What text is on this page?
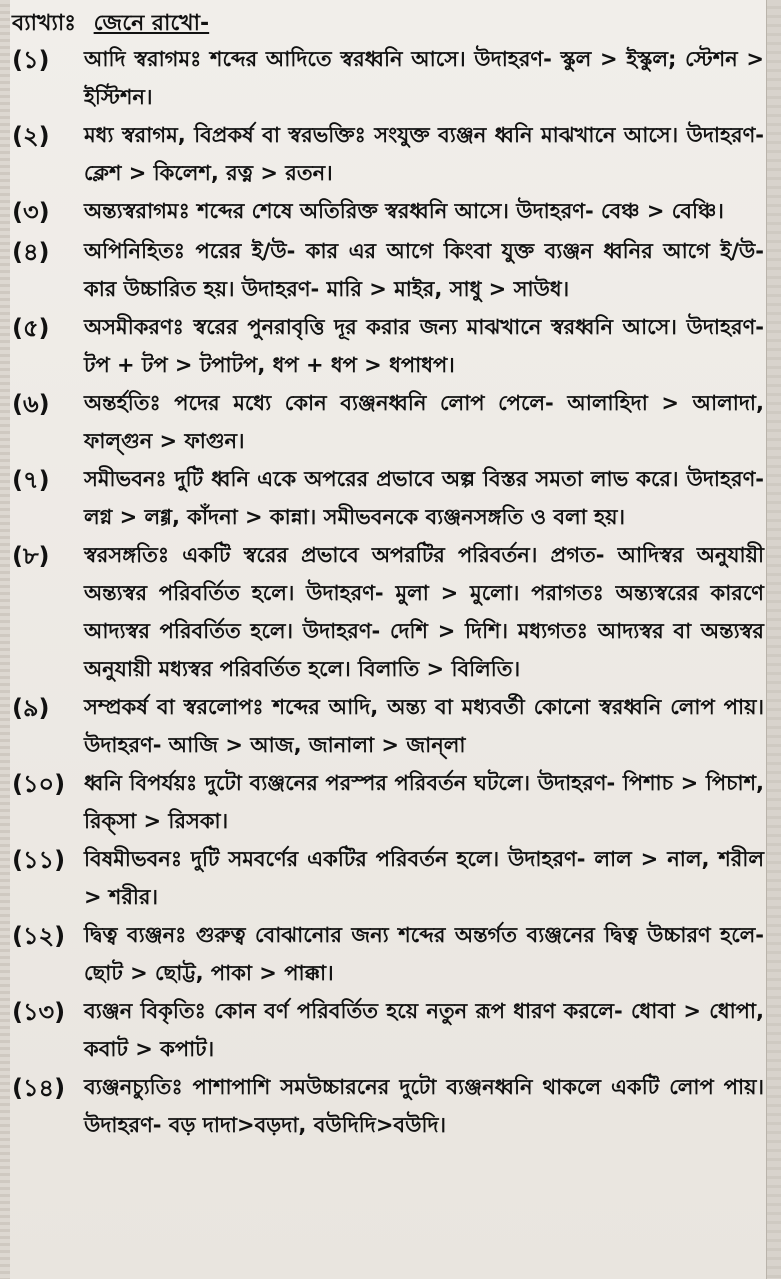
ব্যাখ্যাঃ জেনে রাখো-
(১)	আদি স্বরাগমঃ শব্দের আদিতে স্বরধ্বনি আসে। উদাহরণ- স্কুল > ইস্কুল; স্টেশন > ইস্টিশন।
(২)	মধ্য স্বরাগম, বিপ্রকর্ষ বা স্বরভক্তিঃ সংযুক্ত ব্যঞ্জন ধ্বনি মাঝখানে আসে। উদাহরণ- ক্লেশ > কিলেশ, রত্ন > রতন।
(৩)	অন্ত্যস্বরাগমঃ শব্দের শেষে অতিরিক্ত স্বরধ্বনি আসে। উদাহরণ- বেঞ্চ > বেঞ্চি।
(৪)	অপিনিহিতঃ পরের ই/উ- কার এর আগে কিংবা যুক্ত ব্যঞ্জন ধ্বনির আগে ই/উ- কার উচ্চারিত হয়। উদাহরণ- মারি > মাইর, সাধু > সাউধ।
(৫)	অসমীকরণঃ স্বরের পুনরাবৃত্তি দূর করার জন্য মাঝখানে স্বরধ্বনি আসে। উদাহরণ- টপ + টপ > টপাটপ, ধপ + ধপ > ধপাধপ।
(৬)	অন্তর্হতিঃ পদের মধ্যে কোন ব্যঞ্জনধ্বনি লোপ পেলে- আলাহিদা > আলাদা, ফাল্গুন > ফাগুন।
(৭)	সমীভবনঃ দুটি ধ্বনি একে অপরের প্রভাবে অল্প বিস্তর সমতা লাভ করে। উদাহরণ- লগ্ন > লগ্গ, কাঁদনা > কান্না। সমীভবনকে ব্যঞ্জনসঙ্গতি ও বলা হয়।
(৮)	স্বরসঙ্গতিঃ একটি স্বরের প্রভাবে অপরটির পরিবর্তন। প্রগত- আদিস্বর অনুযায়ী অন্ত্যস্বর পরিবর্তিত হলে। উদাহরণ- মুলা > মুলো। পরাগতঃ অন্ত্যস্বরের কারণে আদ্যস্বর পরিবর্তিত হলে। উদাহরণ- দেশি > দিশি। মধ্যগতঃ আদ্যস্বর বা অন্ত্যস্বর অনুযায়ী মধ্যস্বর পরিবর্তিত হলে। বিলাতি > বিলিতি।
(৯)	সম্প্রকর্ষ বা স্বরলোপঃ শব্দের আদি, অন্ত্য বা মধ্যবর্তী কোনো স্বরধ্বনি লোপ পায়। উদাহরণ- আজি > আজ, জানালা > জান্‌লা
(১০) ধ্বনি বিপর্যয়ঃ দুটো ব্যঞ্জনের পরস্পর পরিবর্তন ঘটলে। উদাহরণ- পিশাচ > পিচাশ, রিক্‌সা > রিসকা।
(১১) বিষমীভবনঃ দুটি সমবর্ণের একটির পরিবর্তন হলে। উদাহরণ- লাল > নাল, শরীল > শরীর।
(১২) দ্বিত্ব ব্যঞ্জনঃ গুরুত্ব বোঝানোর জন্য শব্দের অন্তর্গত ব্যঞ্জনের দ্বিত্ব উচ্চারণ হলে- ছোট > ছোট্ট, পাকা > পাক্কা।
(১৩) ব্যঞ্জন বিকৃতিঃ কোন বর্ণ পরিবর্তিত হয়ে নতুন রূপ ধারণ করলে- ধোবা > ধোপা, কবাট > কপাট।
(১৪) ব্যঞ্জনচ্যুতিঃ পাশাপাশি সমউচ্চারনের দুটো ব্যঞ্জনধ্বনি থাকলে একটি লোপ পায়। উদাহরণ- বড় দাদা>বড়দা, বউদিদি>বউদি।
